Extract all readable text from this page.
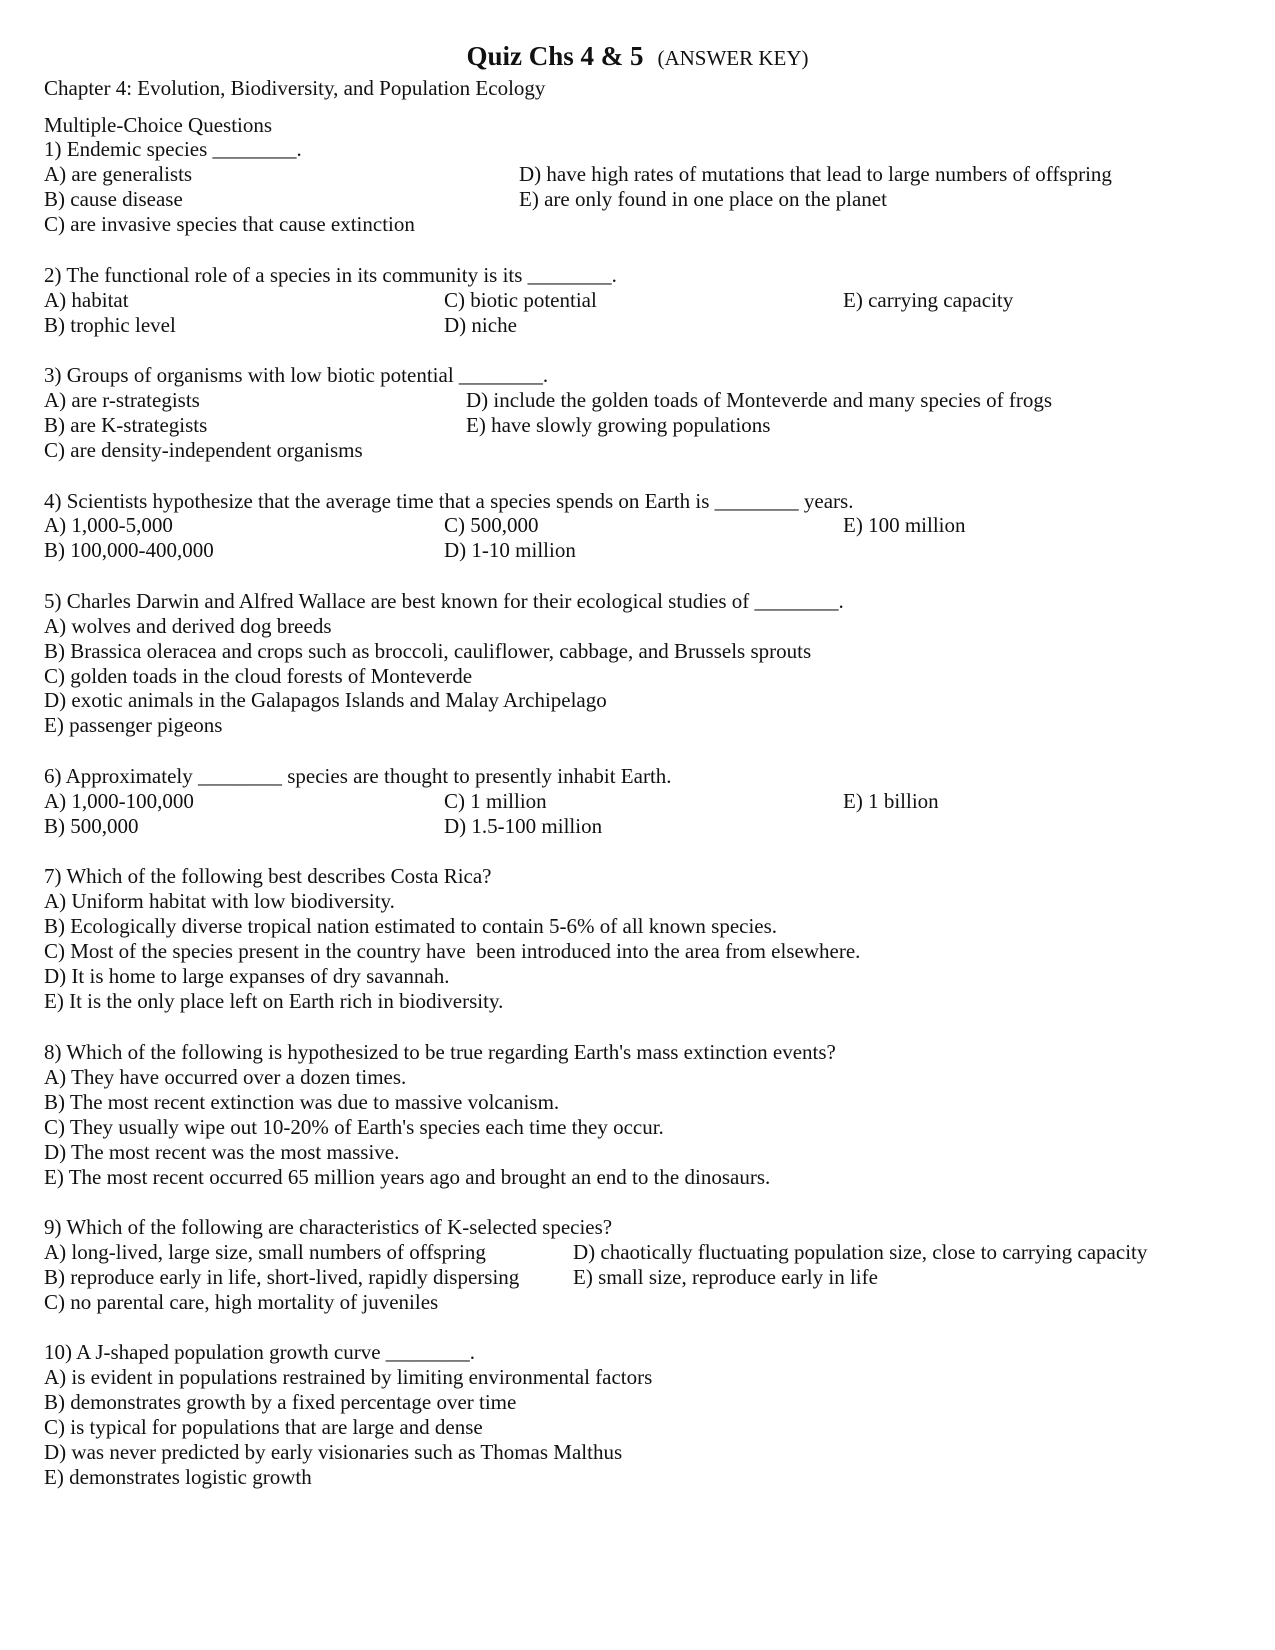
Quiz Chs 4 & 5 (ANSWER KEY)
Chapter 4: Evolution, Biodiversity, and Population Ecology
Multiple-Choice Questions
1) Endemic species ________.
A) are generalists
B) cause disease
C) are invasive species that cause extinction
D) have high rates of mutations that lead to large numbers of offspring
E) are only found in one place on the planet
2) The functional role of a species in its community is its ________.
A) habitat
B) trophic level
C) biotic potential
D) niche
E) carrying capacity
3) Groups of organisms with low biotic potential ________.
A) are r-strategists
B) are K-strategists
C) are density-independent organisms
D) include the golden toads of Monteverde and many species of frogs
E) have slowly growing populations
4) Scientists hypothesize that the average time that a species spends on Earth is ________ years.
A) 1,000-5,000
B) 100,000-400,000
C) 500,000
D) 1-10 million
E) 100 million
5) Charles Darwin and Alfred Wallace are best known for their ecological studies of ________.
A) wolves and derived dog breeds
B) Brassica oleracea and crops such as broccoli, cauliflower, cabbage, and Brussels sprouts
C) golden toads in the cloud forests of Monteverde
D) exotic animals in the Galapagos Islands and Malay Archipelago
E) passenger pigeons
6) Approximately ________ species are thought to presently inhabit Earth.
A) 1,000-100,000
B) 500,000
C) 1 million
D) 1.5-100 million
E) 1 billion
7) Which of the following best describes Costa Rica?
A) Uniform habitat with low biodiversity.
B) Ecologically diverse tropical nation estimated to contain 5-6% of all known species.
C) Most of the species present in the country have  been introduced into the area from elsewhere.
D) It is home to large expanses of dry savannah.
E) It is the only place left on Earth rich in biodiversity.
8) Which of the following is hypothesized to be true regarding Earth's mass extinction events?
A) They have occurred over a dozen times.
B) The most recent extinction was due to massive volcanism.
C) They usually wipe out 10-20% of Earth's species each time they occur.
D) The most recent was the most massive.
E) The most recent occurred 65 million years ago and brought an end to the dinosaurs.
9) Which of the following are characteristics of K-selected species?
A) long-lived, large size, small numbers of offspring
B) reproduce early in life, short-lived, rapidly dispersing
C) no parental care, high mortality of juveniles
D) chaotically fluctuating population size, close to carrying capacity
E) small size, reproduce early in life
10) A J-shaped population growth curve ________.
A) is evident in populations restrained by limiting environmental factors
B) demonstrates growth by a fixed percentage over time
C) is typical for populations that are large and dense
D) was never predicted by early visionaries such as Thomas Malthus
E) demonstrates logistic growth
